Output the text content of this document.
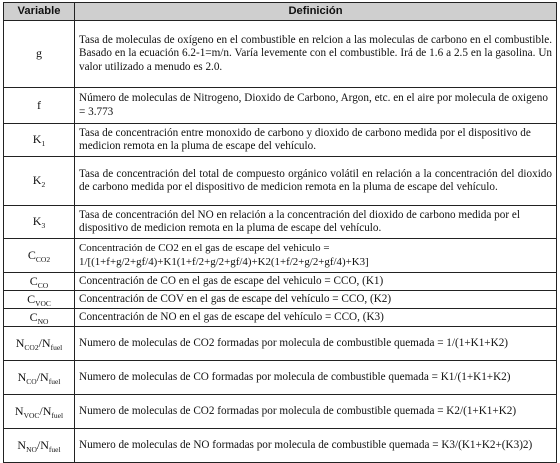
Variable	Definición
g	Tasa de moleculas de oxígeno en el combustible en relcion a las moleculas de carbono en el combustible. Basado en la ecuación 6.2-1=m/n. Varía levemente con el combustible. Irá de 1.6 a 2.5 en la gasolina. Un valor utilizado a menudo es 2.0.
f	Número de moleculas de Nitrogeno, Dioxido de Carbono, Argon, etc. en el aire por molecula de oxigeno = 3.773
$K_1$	Tasa de concentración entre monoxido de carbono y dioxido de carbono medida por el dispositivo de medicion remota en la pluma de escape del vehículo.
$K_2$	Tasa de concentración del total de compuesto orgánico volátil en relación a la concentración del dioxido de carbono medida por el dispositivo de medicion remota en la pluma de escape del vehículo.
$K_3$	Tasa de concentración del NO en relación a la concentración del dioxido de carbono medida por el dispositivo de medicion remota en la pluma de escape del vehículo.
$C_{CO2}$	Concentración de CO2 en el gas de escape del vehiculo = 1/[(1+f+g/2+gf/4)+K1(1+f/2+g/2+gf/4)+K2(1+f/2+g/2+gf/4)+K3]
$C_{CO}$	Concentración de CO en el gas de escape del vehiculo = CCO, (K1)
$C_{VOC}$	Concentración de COV en el gas de escape del vehículo = CCO, (K2)
$C_{NO}$	Concentración de NO en el gas de escape del vehículo = CCO, (K3)
$N_{CO2}/N_{fuel}$	Numero de moleculas de CO2 formadas por molecula de combustible quemada = 1/(1+K1+K2)
$N_{CO}/N_{fuel}$	Numero de moleculas de CO formadas por molecula de combustible quemada = K1/(1+K1+K2)
$N_{VOC}/N_{fuel}$	Numero de moleculas de CO2 formadas por molecula de combustible quemada = K2/(1+K1+K2)
$N_{NO}/N_{fuel}$	Numero de moleculas de NO formadas por molecula de combustible quemada = K3/(K1+K2+(K3)2)
